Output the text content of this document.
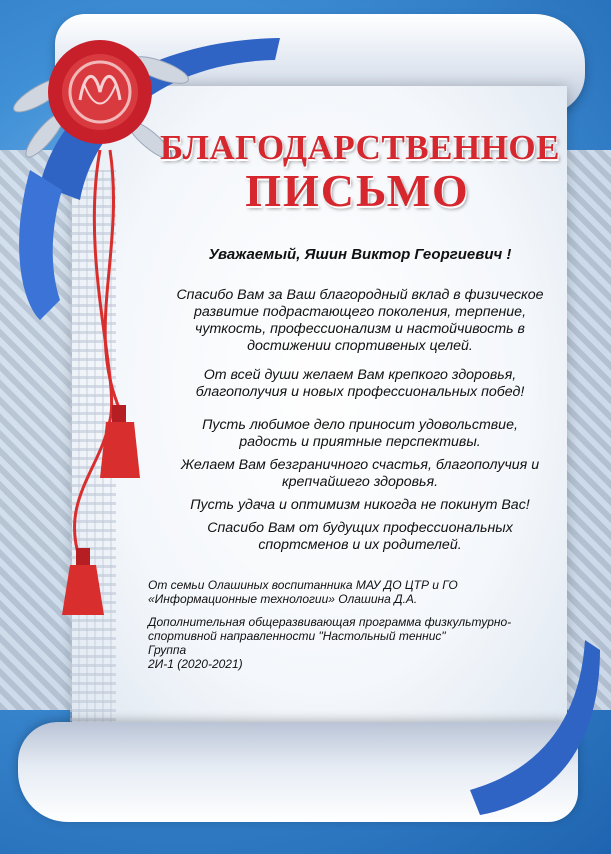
БЛАГОДАРСТВЕННОЕ
ПИСЬМО
Уважаемый, Яшин Виктор Георгиевич !
Спасибо Вам за Ваш благородный вклад в физическое
развитие подрастающего поколения, терпение,
чуткость, профессионализм и настойчивость в
достижении спортивеных целей.
От всей души желаем Вам крепкого здоровья,
благополучия и новых профессиональных побед!
Пусть любимое дело приносит удовольствие,
радость и приятные перспективы.
Желаем Вам безграничного счастья, благополучия и
крепчайшего здоровья.
Пусть удача и оптимизм никогда не покинут Вас!
Спасибо Вам от будущих профессиональных
спортсменов и их родителей.
От семьи Олашиных воспитанника МАУ ДО ЦТР и ГО
«Информационные технологии» Олашина Д.А.
Дополнительная общеразвивающая программа физкультурно-
спортивной направленности "Настольный теннис"
Группа
2И-1 (2020-2021)
